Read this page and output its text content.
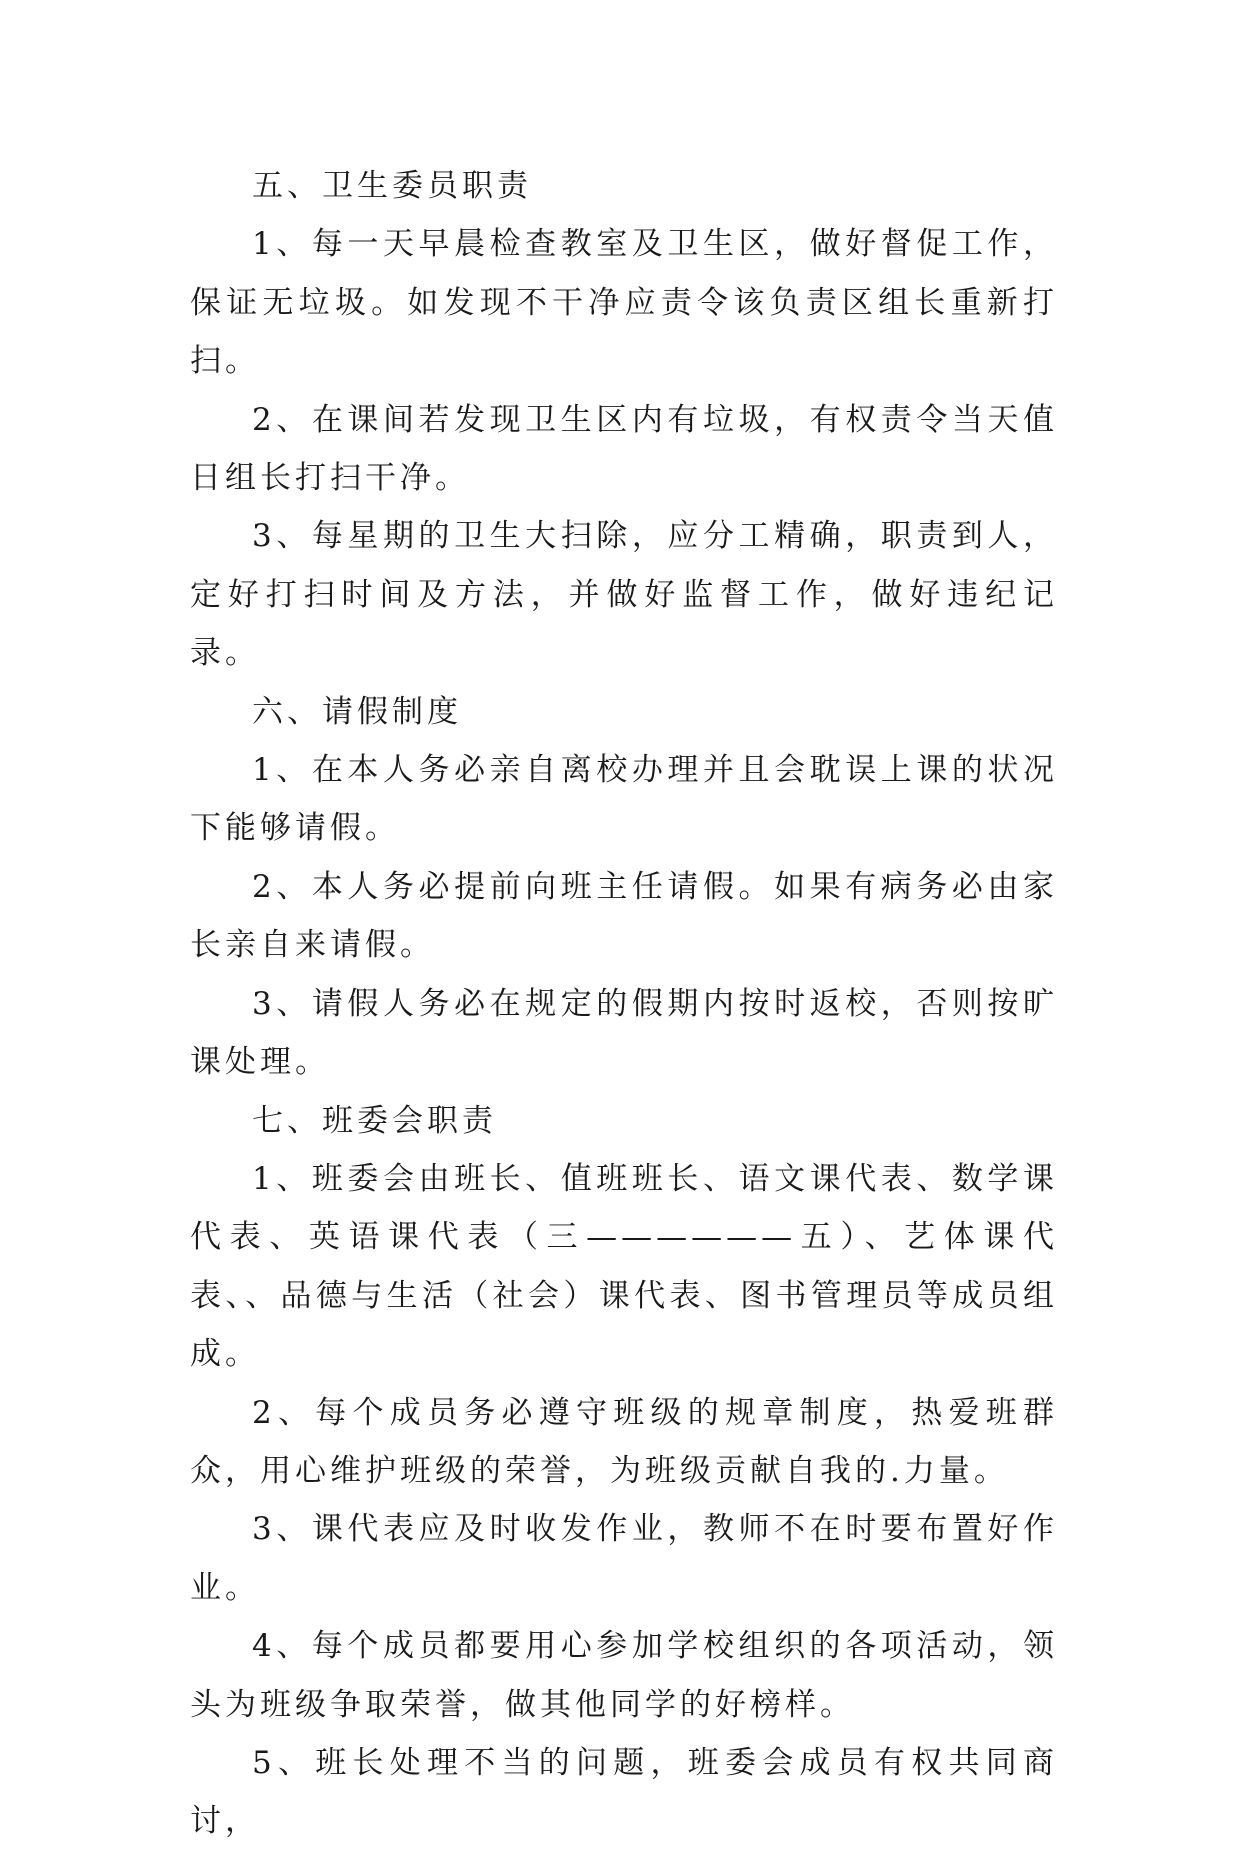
五、卫生委员职责

1、每一天早晨检查教室及卫生区，做好督促工作，保证无垃圾。如发现不干净应责令该负责区组长重新打扫。

2、在课间若发现卫生区内有垃圾，有权责令当天值日组长打扫干净。

3、每星期的卫生大扫除，应分工精确，职责到人，定好打扫时间及方法，并做好监督工作，做好违纪记录。

六、请假制度

1、在本人务必亲自离校办理并且会耽误上课的状况下能够请假。

2、本人务必提前向班主任请假。如果有病务必由家长亲自来请假。

3、请假人务必在规定的假期内按时返校，否则按旷课处理。

七、班委会职责

1、班委会由班长、值班班长、语文课代表、数学课代表、英语课代表（三——————五）、艺体课代表、、品德与生活（社会）课代表、图书管理员等成员组成。

2、每个成员务必遵守班级的规章制度，热爱班群众，用心维护班级的荣誉，为班级贡献自我的.力量。

3、课代表应及时收发作业，教师不在时要布置好作业。

4、每个成员都要用心参加学校组织的各项活动，领头为班级争取荣誉，做其他同学的好榜样。

5、班长处理不当的问题，班委会成员有权共同商讨，
